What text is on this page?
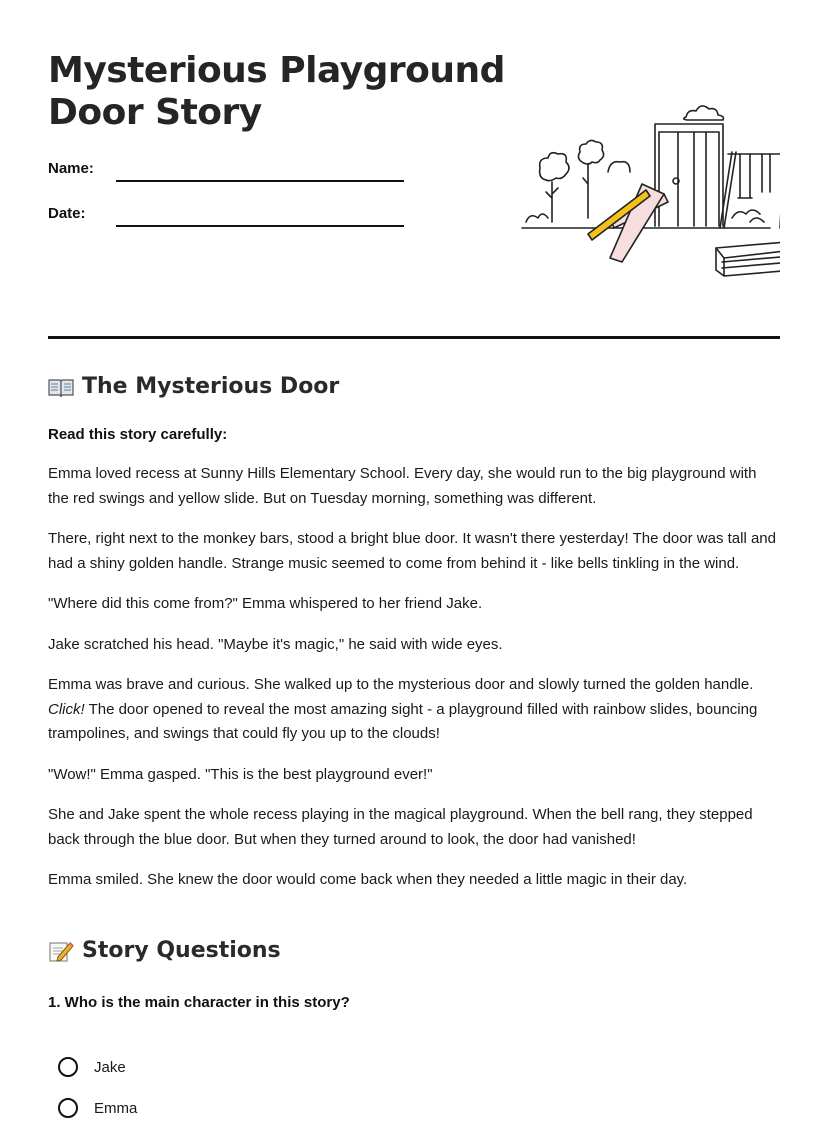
Mysterious Playground Door Story
Name:
Date:
The Mysterious Door
Read this story carefully:

Emma loved recess at Sunny Hills Elementary School. Every day, she would run to the big playground with the red swings and yellow slide. But on Tuesday morning, something was different.

There, right next to the monkey bars, stood a bright blue door. It wasn't there yesterday! The door was tall and had a shiny golden handle. Strange music seemed to come from behind it - like bells tinkling in the wind.

"Where did this come from?" Emma whispered to her friend Jake.

Jake scratched his head. "Maybe it's magic," he said with wide eyes.

Emma was brave and curious. She walked up to the mysterious door and slowly turned the golden handle. Click! The door opened to reveal the most amazing sight - a playground filled with rainbow slides, bouncing trampolines, and swings that could fly you up to the clouds!

"Wow!" Emma gasped. "This is the best playground ever!"

She and Jake spent the whole recess playing in the magical playground. When the bell rang, they stepped back through the blue door. But when they turned around to look, the door had vanished!

Emma smiled. She knew the door would come back when they needed a little magic in their day.

Story Questions
1. Who is the main character in this story?
Jake
Emma
